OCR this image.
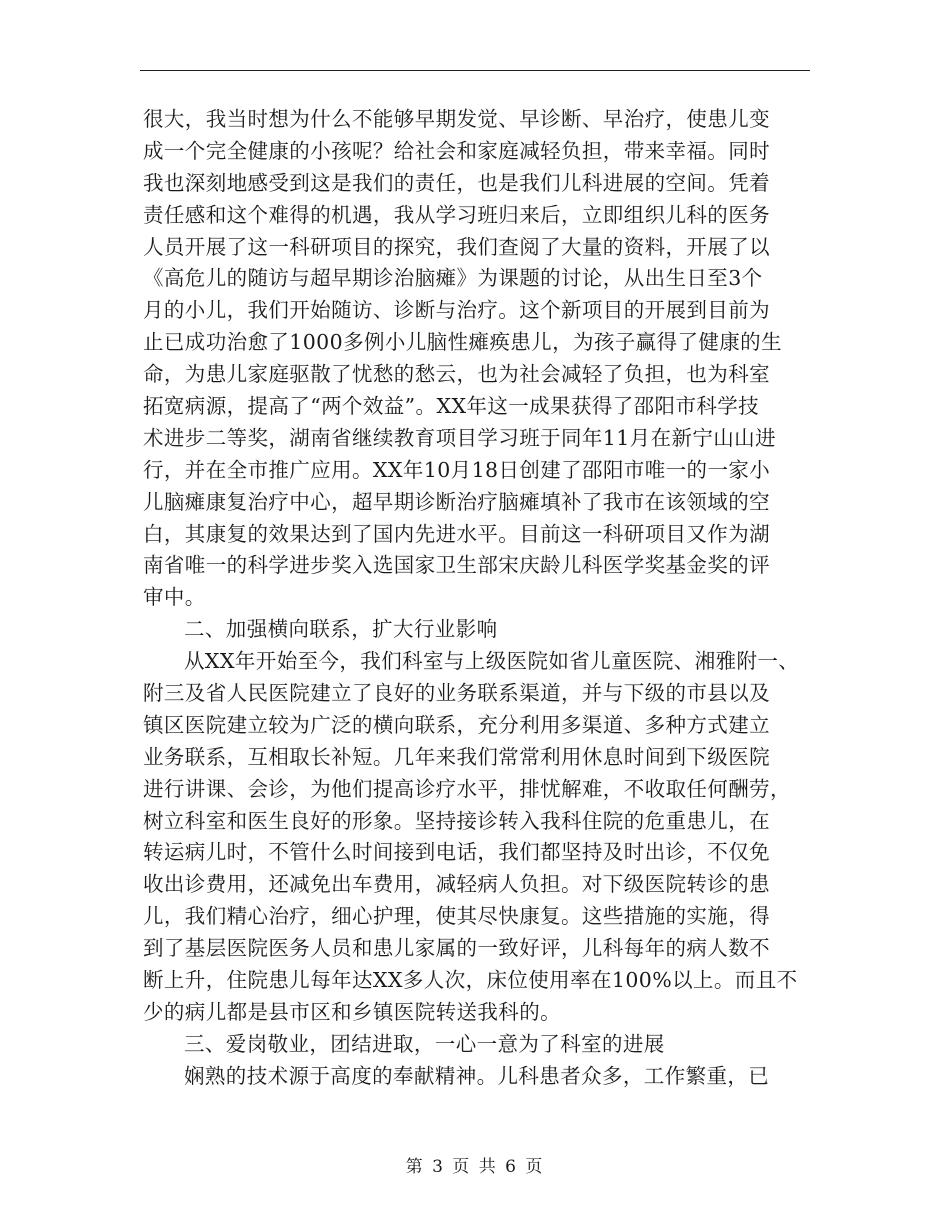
很大，我当时想为什么不能够早期发觉、早诊断、早治疗，使患儿变
成一个完全健康的小孩呢？给社会和家庭减轻负担，带来幸福。同时
我也深刻地感受到这是我们的责任，也是我们儿科进展的空间。凭着
责任感和这个难得的机遇，我从学习班归来后，立即组织儿科的医务
人员开展了这一科研项目的探究，我们查阅了大量的资料，开展了以
《高危儿的随访与超早期诊治脑瘫》为课题的讨论，从出生日至3个
月的小儿，我们开始随访、诊断与治疗。这个新项目的开展到目前为
止已成功治愈了1000多例小儿脑性瘫痪患儿，为孩子赢得了健康的生
命，为患儿家庭驱散了忧愁的愁云，也为社会减轻了负担，也为科室
拓宽病源，提高了“两个效益”。XX年这一成果获得了邵阳市科学技
术进步二等奖，湖南省继续教育项目学习班于同年11月在新宁山山进
行，并在全市推广应用。XX年10月18日创建了邵阳市唯一的一家小
儿脑瘫康复治疗中心，超早期诊断治疗脑瘫填补了我市在该领域的空
白，其康复的效果达到了国内先进水平。目前这一科研项目又作为湖
南省唯一的科学进步奖入选国家卫生部宋庆龄儿科医学奖基金奖的评
审中。
二、加强横向联系，扩大行业影响
从XX年开始至今，我们科室与上级医院如省儿童医院、湘雅附一、
附三及省人民医院建立了良好的业务联系渠道，并与下级的市县以及
镇区医院建立较为广泛的横向联系，充分利用多渠道、多种方式建立
业务联系，互相取长补短。几年来我们常常利用休息时间到下级医院
进行讲课、会诊，为他们提高诊疗水平，排忧解难，不收取任何酬劳，
树立科室和医生良好的形象。坚持接诊转入我科住院的危重患儿，在
转运病儿时，不管什么时间接到电话，我们都坚持及时出诊，不仅免
收出诊费用，还减免出车费用，减轻病人负担。对下级医院转诊的患
儿，我们精心治疗，细心护理，使其尽快康复。这些措施的实施，得
到了基层医院医务人员和患儿家属的一致好评，儿科每年的病人数不
断上升，住院患儿每年达XX多人次，床位使用率在100%以上。而且不
少的病儿都是县市区和乡镇医院转送我科的。
三、爱岗敬业，团结进取，一心一意为了科室的进展
娴熟的技术源于高度的奉献精神。儿科患者众多，工作繁重，已
第 3 页 共 6 页
